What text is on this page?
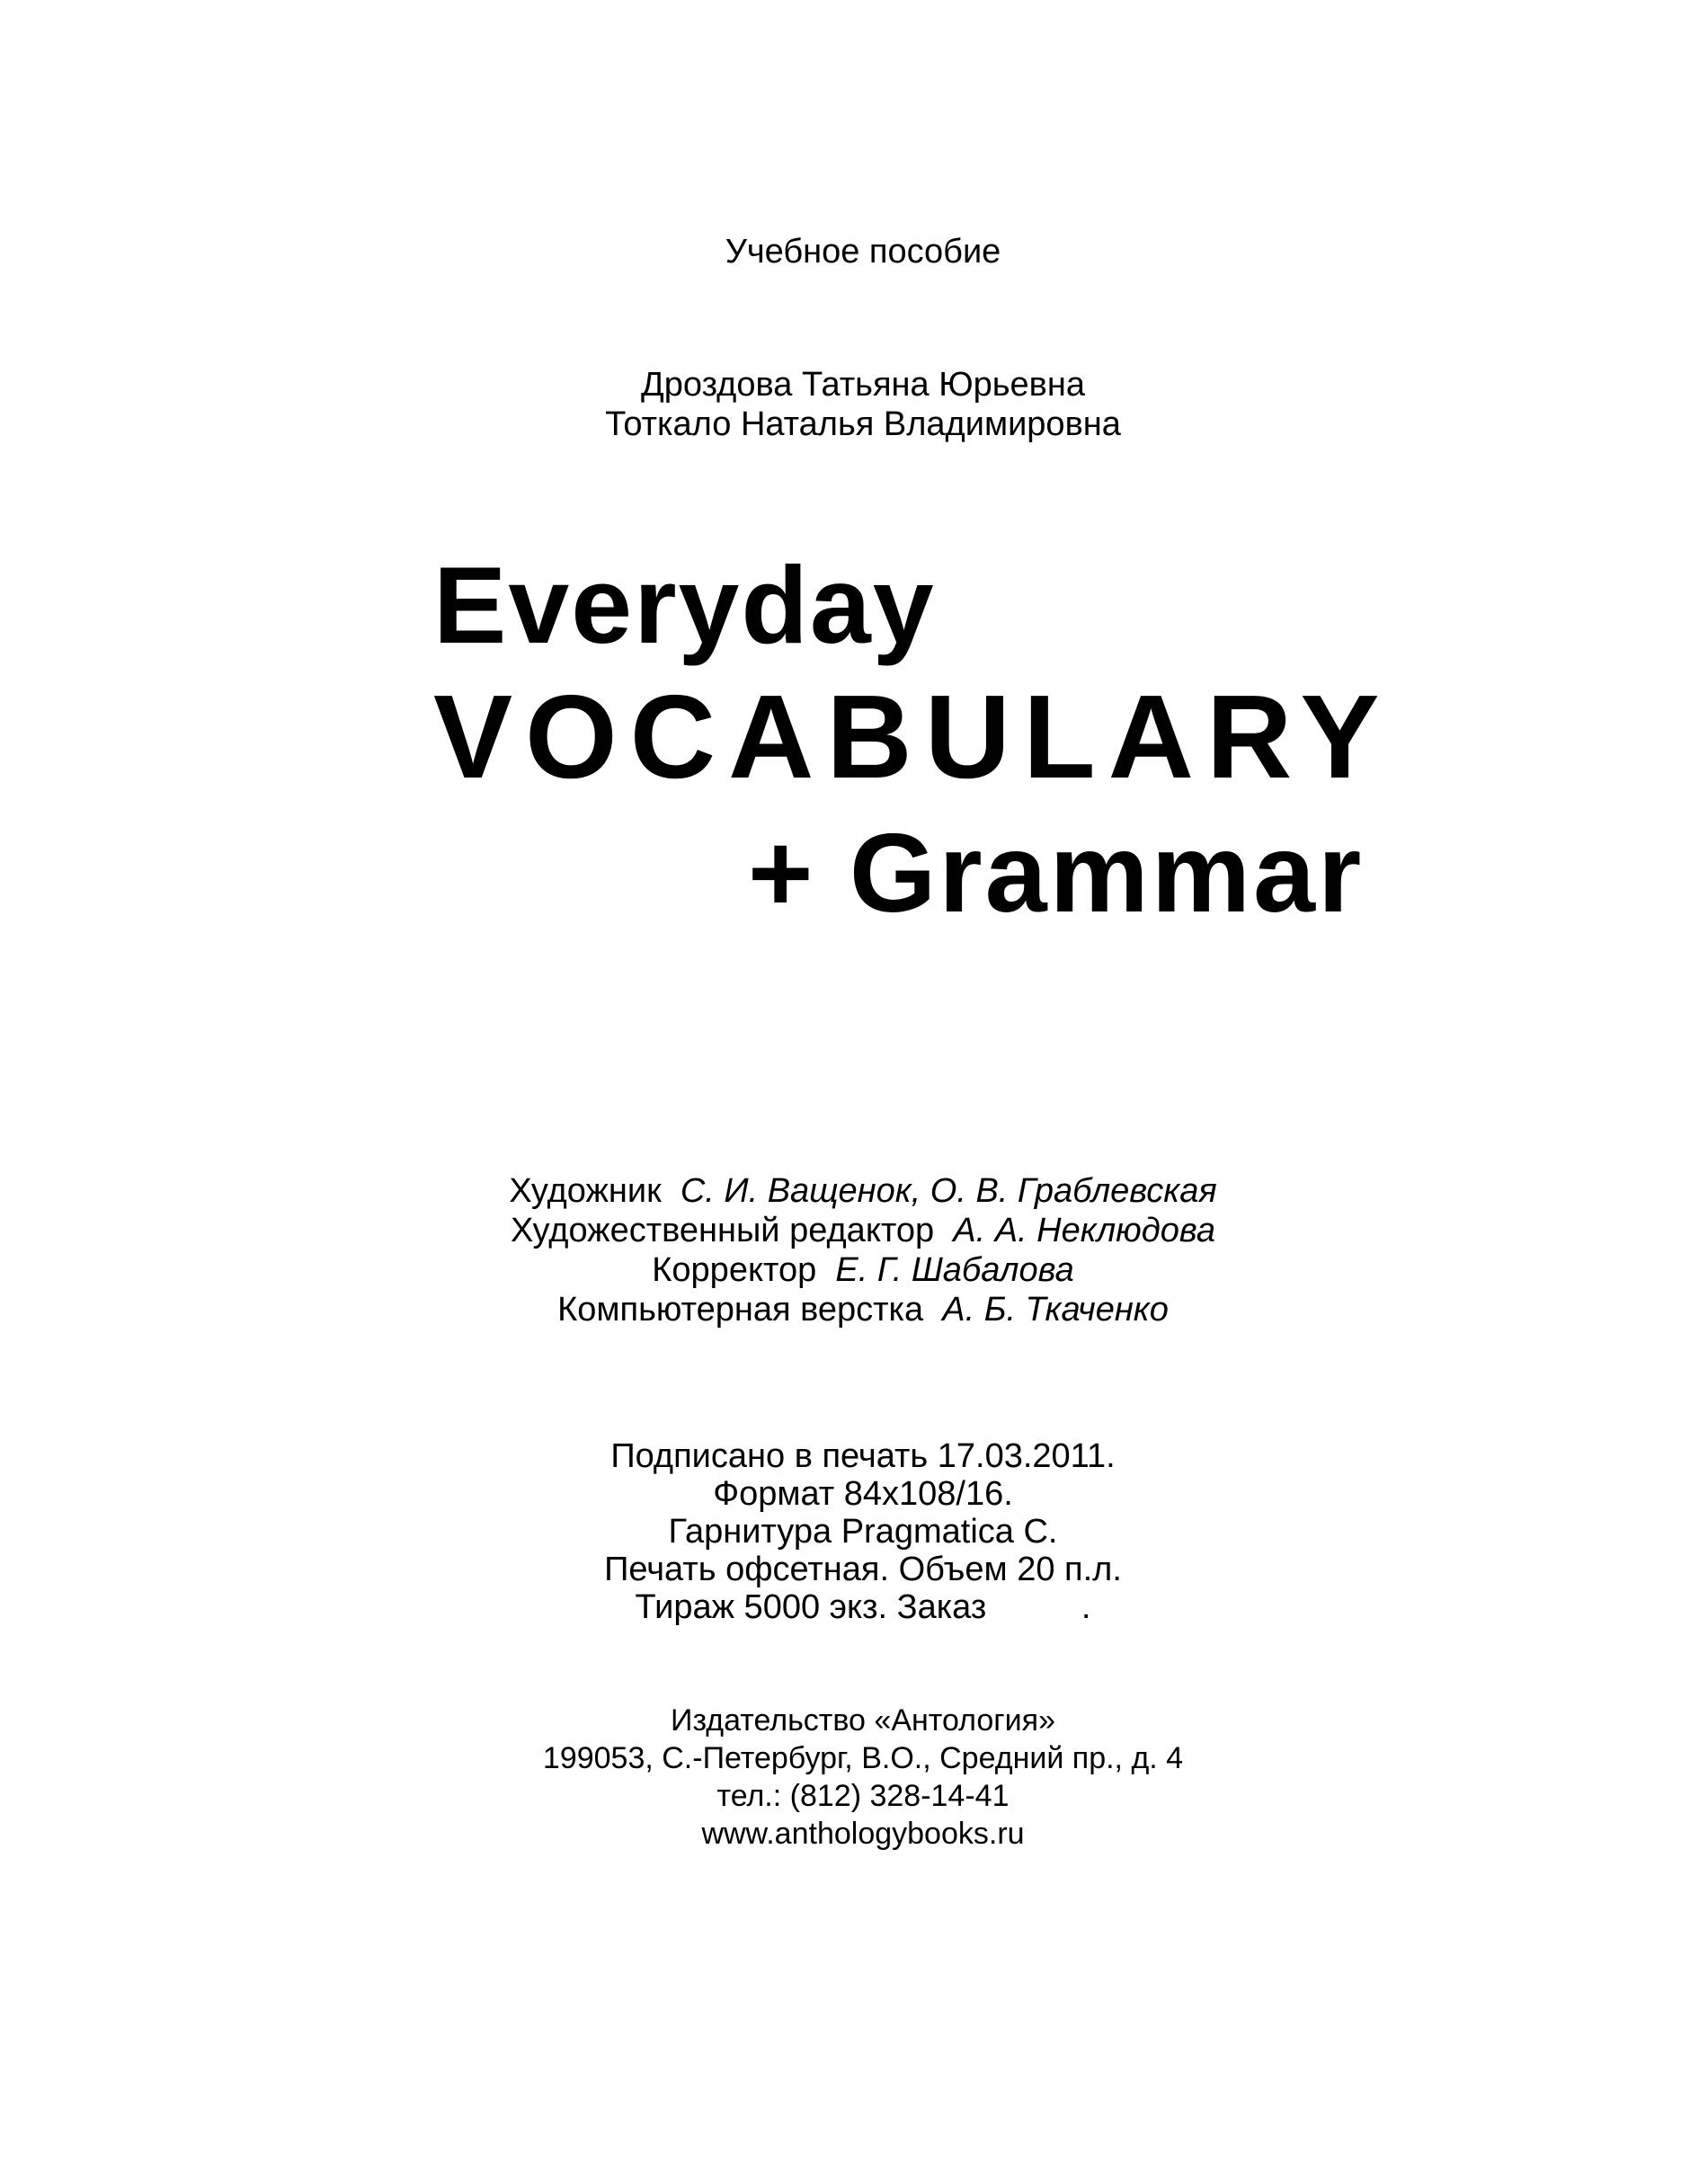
Учебное пособие
Дроздова Татьяна Юрьевна
Тоткало Наталья Владимировна
Everyday
VOCABULARY
+ Grammar
Художник С. И. Ващенок, О. В. Граблевская
Художественный редактор А. А. Неклюдова
Корректор Е. Г. Шабалова
Компьютерная верстка А. Б. Ткаченко
Подписано в печать 17.03.2011.
Формат 84x108/16.
Гарнитура Pragmatica C.
Печать офсетная. Объем 20 п.л.
Тираж 5000 экз. Заказ          .
Издательство «Антология»
199053, С.-Петербург, В.О., Средний пр., д. 4
тел.: (812) 328-14-41
www.anthologybooks.ru
